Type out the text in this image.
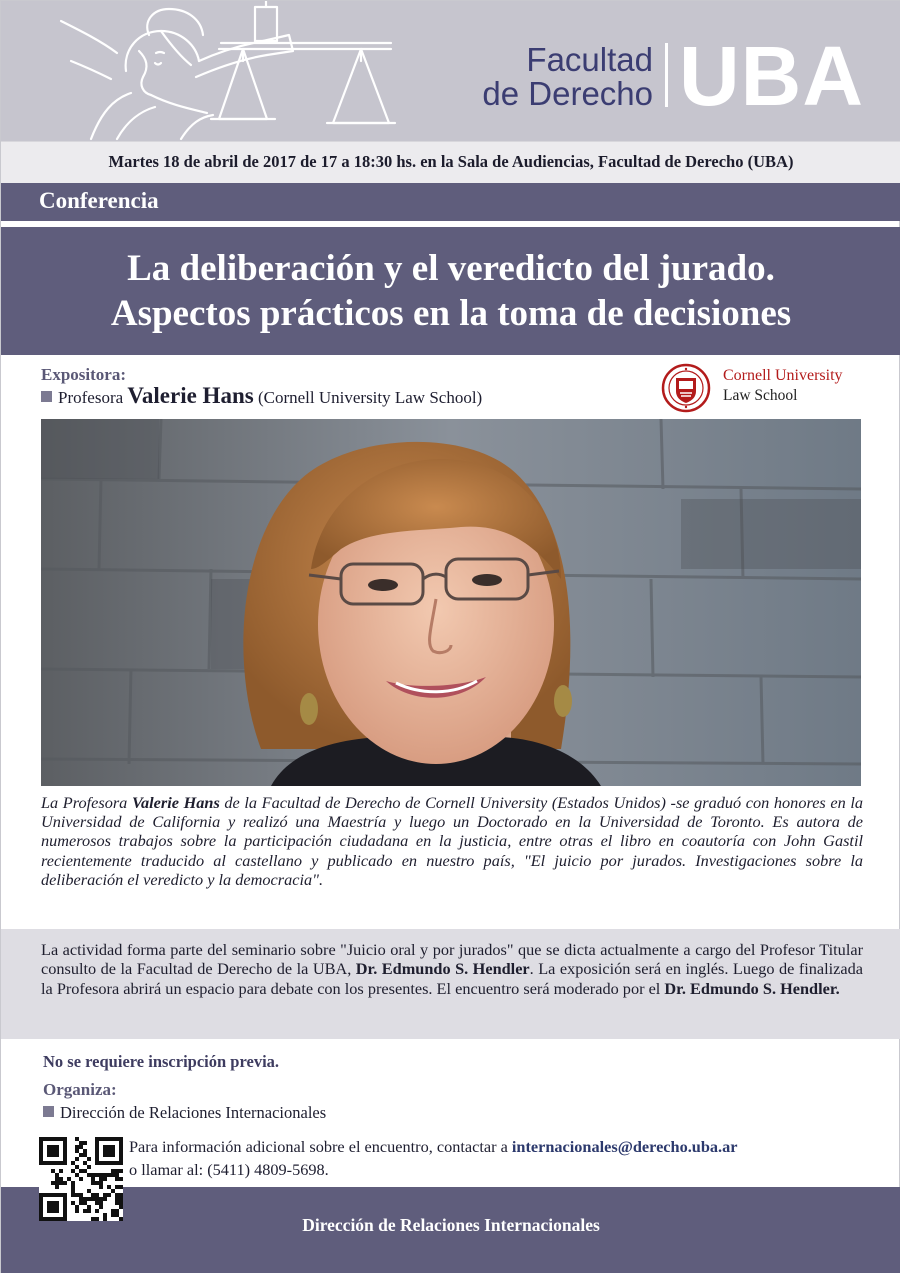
Facultad
de Derecho UBA
Martes 18 de abril de 2017 de 17 a 18:30 hs. en la Sala de Audiencias, Facultad de Derecho (UBA)
Conferencia
La deliberación y el veredicto del jurado.
Aspectos prácticos en la toma de decisiones
Expositora:
Profesora Valerie Hans (Cornell University Law School)
Cornell University
Law School
La Profesora Valerie Hans de la Facultad de Derecho de Cornell University (Estados Unidos) -se graduó con honores en la Universidad de California y realizó una Maestría y luego un Doctorado en la Universidad de Toronto. Es autora de numerosos trabajos sobre la participación ciudadana en la justicia, entre otras el libro en coautoría con John Gastil recientemente traducido al castellano y publicado en nuestro país, "El juicio por jurados. Investigaciones sobre la deliberación el veredicto y la democracia".
La actividad forma parte del seminario sobre "Juicio oral y por jurados" que se dicta actualmente a cargo del Profesor Titular consulto de la Facultad de Derecho de la UBA, Dr. Edmundo S. Hendler. La exposición será en inglés. Luego de finalizada la Profesora abrirá un espacio para debate con los presentes. El encuentro será moderado por el Dr. Edmundo S. Hendler.
No se requiere inscripción previa.
Organiza:
Dirección de Relaciones Internacionales
Para información adicional sobre el encuentro, contactar a internacionales@derecho.uba.ar
o llamar al: (5411) 4809-5698.
Dirección de Relaciones Internacionales
